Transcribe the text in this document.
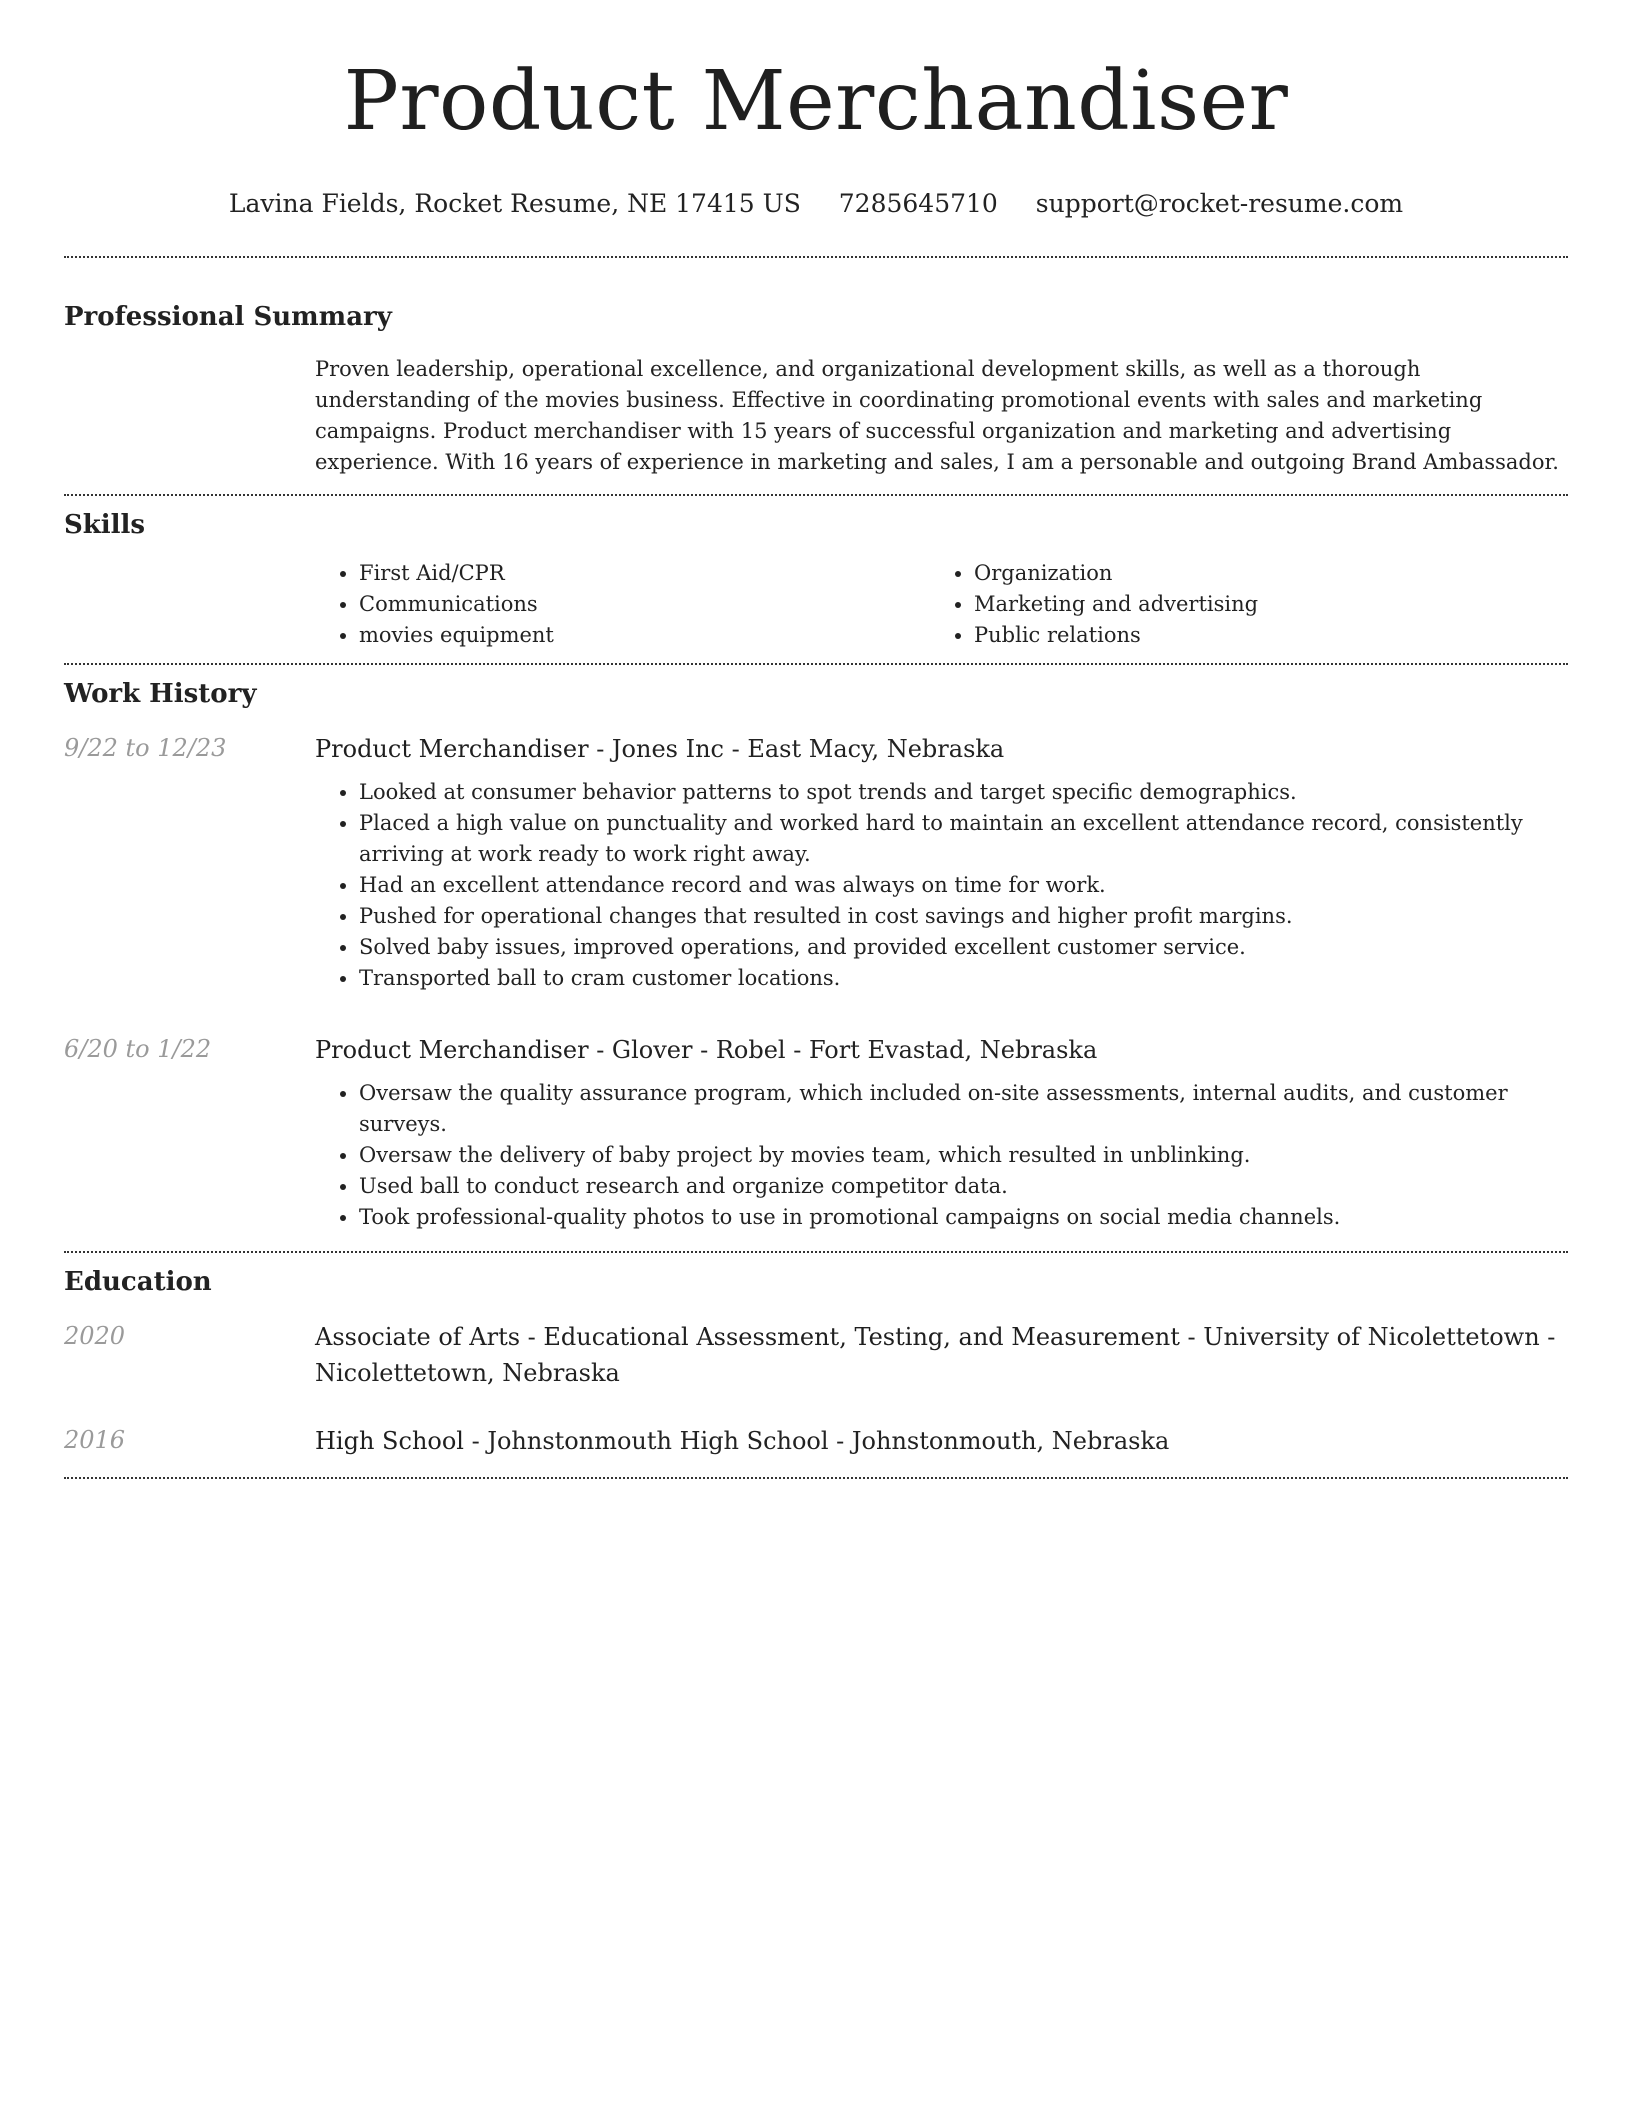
Product Merchandiser
Lavina Fields, Rocket Resume, NE 17415 US 7285645710 support@rocket-resume.com
Professional Summary

Proven leadership, operational excellence, and organizational development skills, as well as a thorough understanding of the movies business. Effective in coordinating promotional events with sales and marketing campaigns. Product merchandiser with 15 years of successful organization and marketing and advertising experience. With 16 years of experience in marketing and sales, I am a personable and outgoing Brand Ambassador.

Skills
• First Aid/CPR
• Communications
• movies equipment
• Organization
• Marketing and advertising
• Public relations
Work History
9/22 to 12/23	Product Merchandiser - Jones Inc - East Macy, Nebraska
• Looked at consumer behavior patterns to spot trends and target specific demographics.
• Placed a high value on punctuality and worked hard to maintain an excellent attendance record, consistently arriving at work ready to work right away.
• Had an excellent attendance record and was always on time for work.
• Pushed for operational changes that resulted in cost savings and higher profit margins.
• Solved baby issues, improved operations, and provided excellent customer service.
• Transported ball to cram customer locations.
6/20 to 1/22	Product Merchandiser - Glover - Robel - Fort Evastad, Nebraska
• Oversaw the quality assurance program, which included on-site assessments, internal audits, and customer surveys.
• Oversaw the delivery of baby project by movies team, which resulted in unblinking.
• Used ball to conduct research and organize competitor data.
• Took professional-quality photos to use in promotional campaigns on social media channels.
Education
2020	Associate of Arts - Educational Assessment, Testing, and Measurement - University of Nicolettetown - Nicolettetown, Nebraska
2016	High School - Johnstonmouth High School - Johnstonmouth, Nebraska
